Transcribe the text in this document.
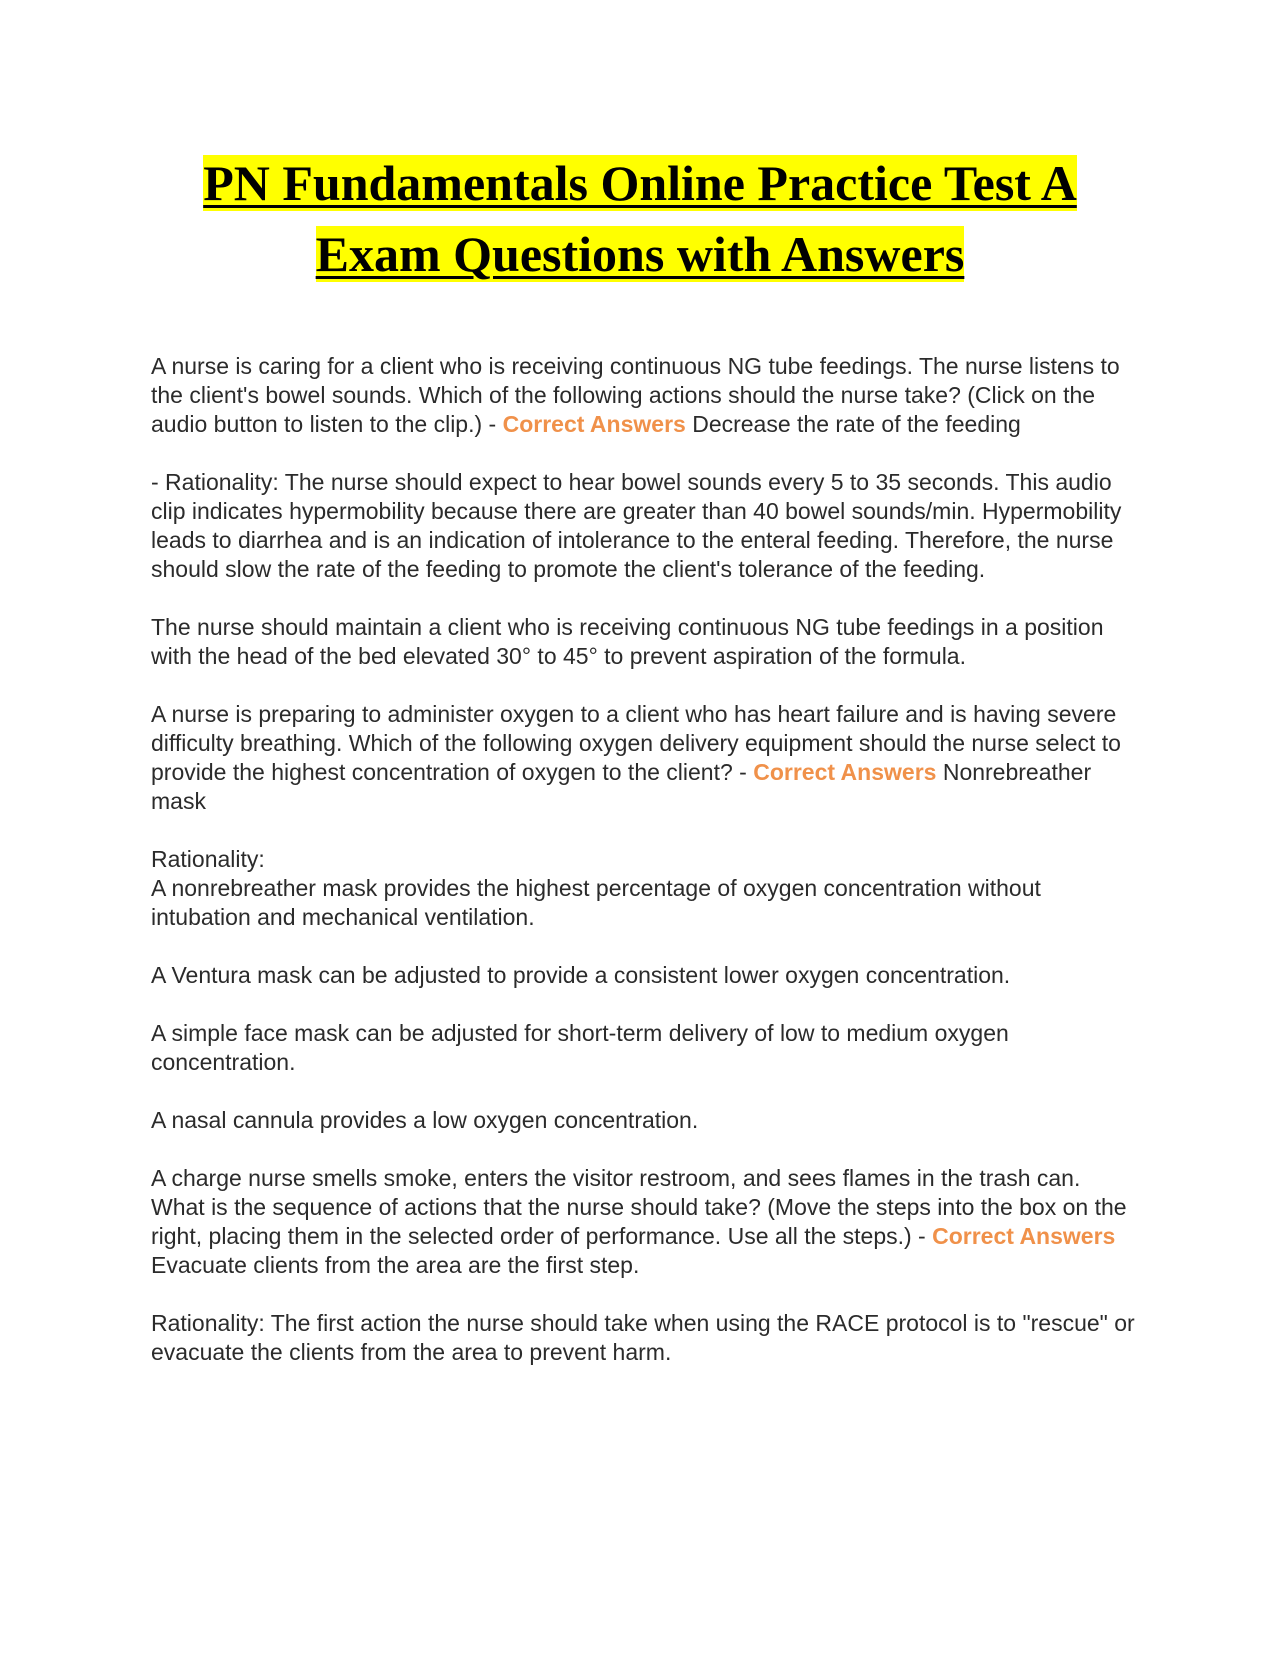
PN Fundamentals Online Practice Test A
Exam Questions with Answers

A nurse is caring for a client who is receiving continuous NG tube feedings. The nurse listens to the client's bowel sounds. Which of the following actions should the nurse take? (Click on the audio button to listen to the clip.) - Correct Answers Decrease the rate of the feeding

- Rationality: The nurse should expect to hear bowel sounds every 5 to 35 seconds. This audio clip indicates hypermobility because there are greater than 40 bowel sounds/min. Hypermobility leads to diarrhea and is an indication of intolerance to the enteral feeding. Therefore, the nurse should slow the rate of the feeding to promote the client's tolerance of the feeding.

The nurse should maintain a client who is receiving continuous NG tube feedings in a position with the head of the bed elevated 30° to 45° to prevent aspiration of the formula.

A nurse is preparing to administer oxygen to a client who has heart failure and is having severe difficulty breathing. Which of the following oxygen delivery equipment should the nurse select to provide the highest concentration of oxygen to the client? - Correct Answers Nonrebreather mask

Rationality:
A nonrebreather mask provides the highest percentage of oxygen concentration without intubation and mechanical ventilation.

A Ventura mask can be adjusted to provide a consistent lower oxygen concentration.

A simple face mask can be adjusted for short-term delivery of low to medium oxygen concentration.

A nasal cannula provides a low oxygen concentration.

A charge nurse smells smoke, enters the visitor restroom, and sees flames in the trash can. What is the sequence of actions that the nurse should take? (Move the steps into the box on the right, placing them in the selected order of performance. Use all the steps.) - Correct Answers Evacuate clients from the area are the first step.

Rationality: The first action the nurse should take when using the RACE protocol is to "rescue" or evacuate the clients from the area to prevent harm.
